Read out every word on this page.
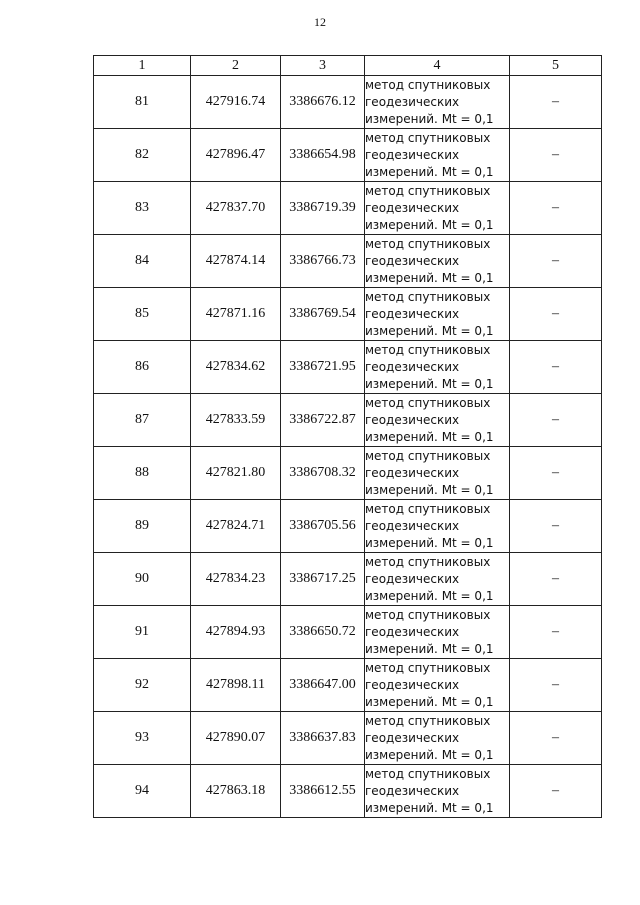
12
1	2	3	4	5
81	427916.74	3386676.12	метод спутниковых
геодезических
измерений. Mt = 0,1	–
82	427896.47	3386654.98	метод спутниковых
геодезических
измерений. Mt = 0,1	–
83	427837.70	3386719.39	метод спутниковых
геодезических
измерений. Mt = 0,1	–
84	427874.14	3386766.73	метод спутниковых
геодезических
измерений. Mt = 0,1	–
85	427871.16	3386769.54	метод спутниковых
геодезических
измерений. Mt = 0,1	–
86	427834.62	3386721.95	метод спутниковых
геодезических
измерений. Mt = 0,1	–
87	427833.59	3386722.87	метод спутниковых
геодезических
измерений. Mt = 0,1	–
88	427821.80	3386708.32	метод спутниковых
геодезических
измерений. Mt = 0,1	–
89	427824.71	3386705.56	метод спутниковых
геодезических
измерений. Mt = 0,1	–
90	427834.23	3386717.25	метод спутниковых
геодезических
измерений. Mt = 0,1	–
91	427894.93	3386650.72	метод спутниковых
геодезических
измерений. Mt = 0,1	–
92	427898.11	3386647.00	метод спутниковых
геодезических
измерений. Mt = 0,1	–
93	427890.07	3386637.83	метод спутниковых
геодезических
измерений. Mt = 0,1	–
94	427863.18	3386612.55	метод спутниковых
геодезических
измерений. Mt = 0,1	–
